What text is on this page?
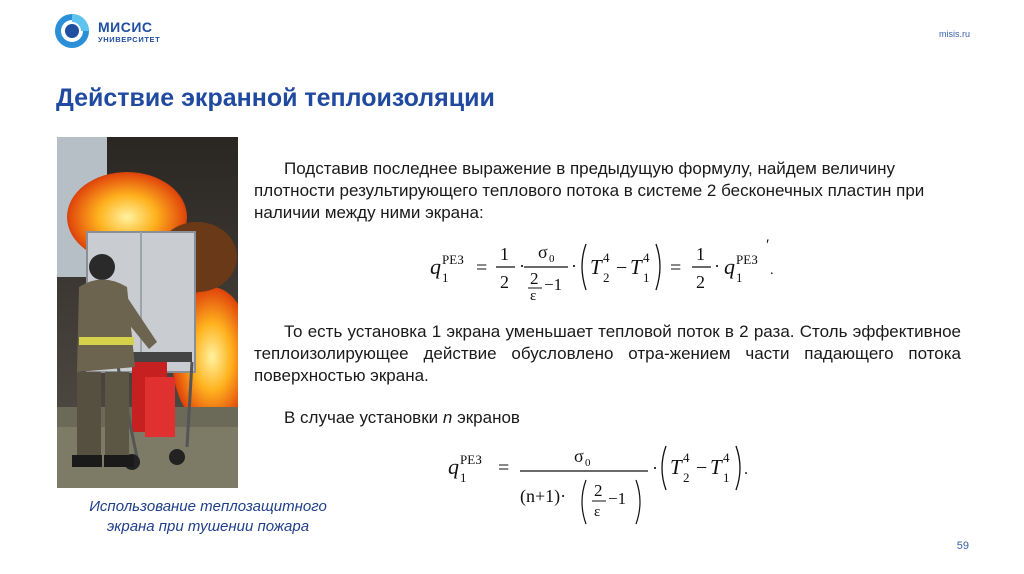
МИСИС
УНИВЕРСИТЕТ
misis.ru
Действие экранной теплоизоляции
Использование теплозащитного
экрана при тушении пожара
Подставив последнее выражение в предыдущую формулу, найдем величину плотности результирующего теплового потока в системе 2 бесконечных пластин при наличии между ними экрана:
q 1
РЕЗ =
1
2
·
σ 0
2
ε
−1
· T 4
2 − T 4
1 =
1
2
· q 1
РЕЗ
′
.
То есть установка 1 экрана уменьшает тепловой поток в 2 раза. Столь эффективное теплоизолирующее действие обусловлено отра-жением части падающего потока поверхностью экрана.
В случае установки n экранов
q 1
РЕЗ =
σ 0
(n+1)· 2
ε
−1
· T 4
2 − T 4
1 .
59
